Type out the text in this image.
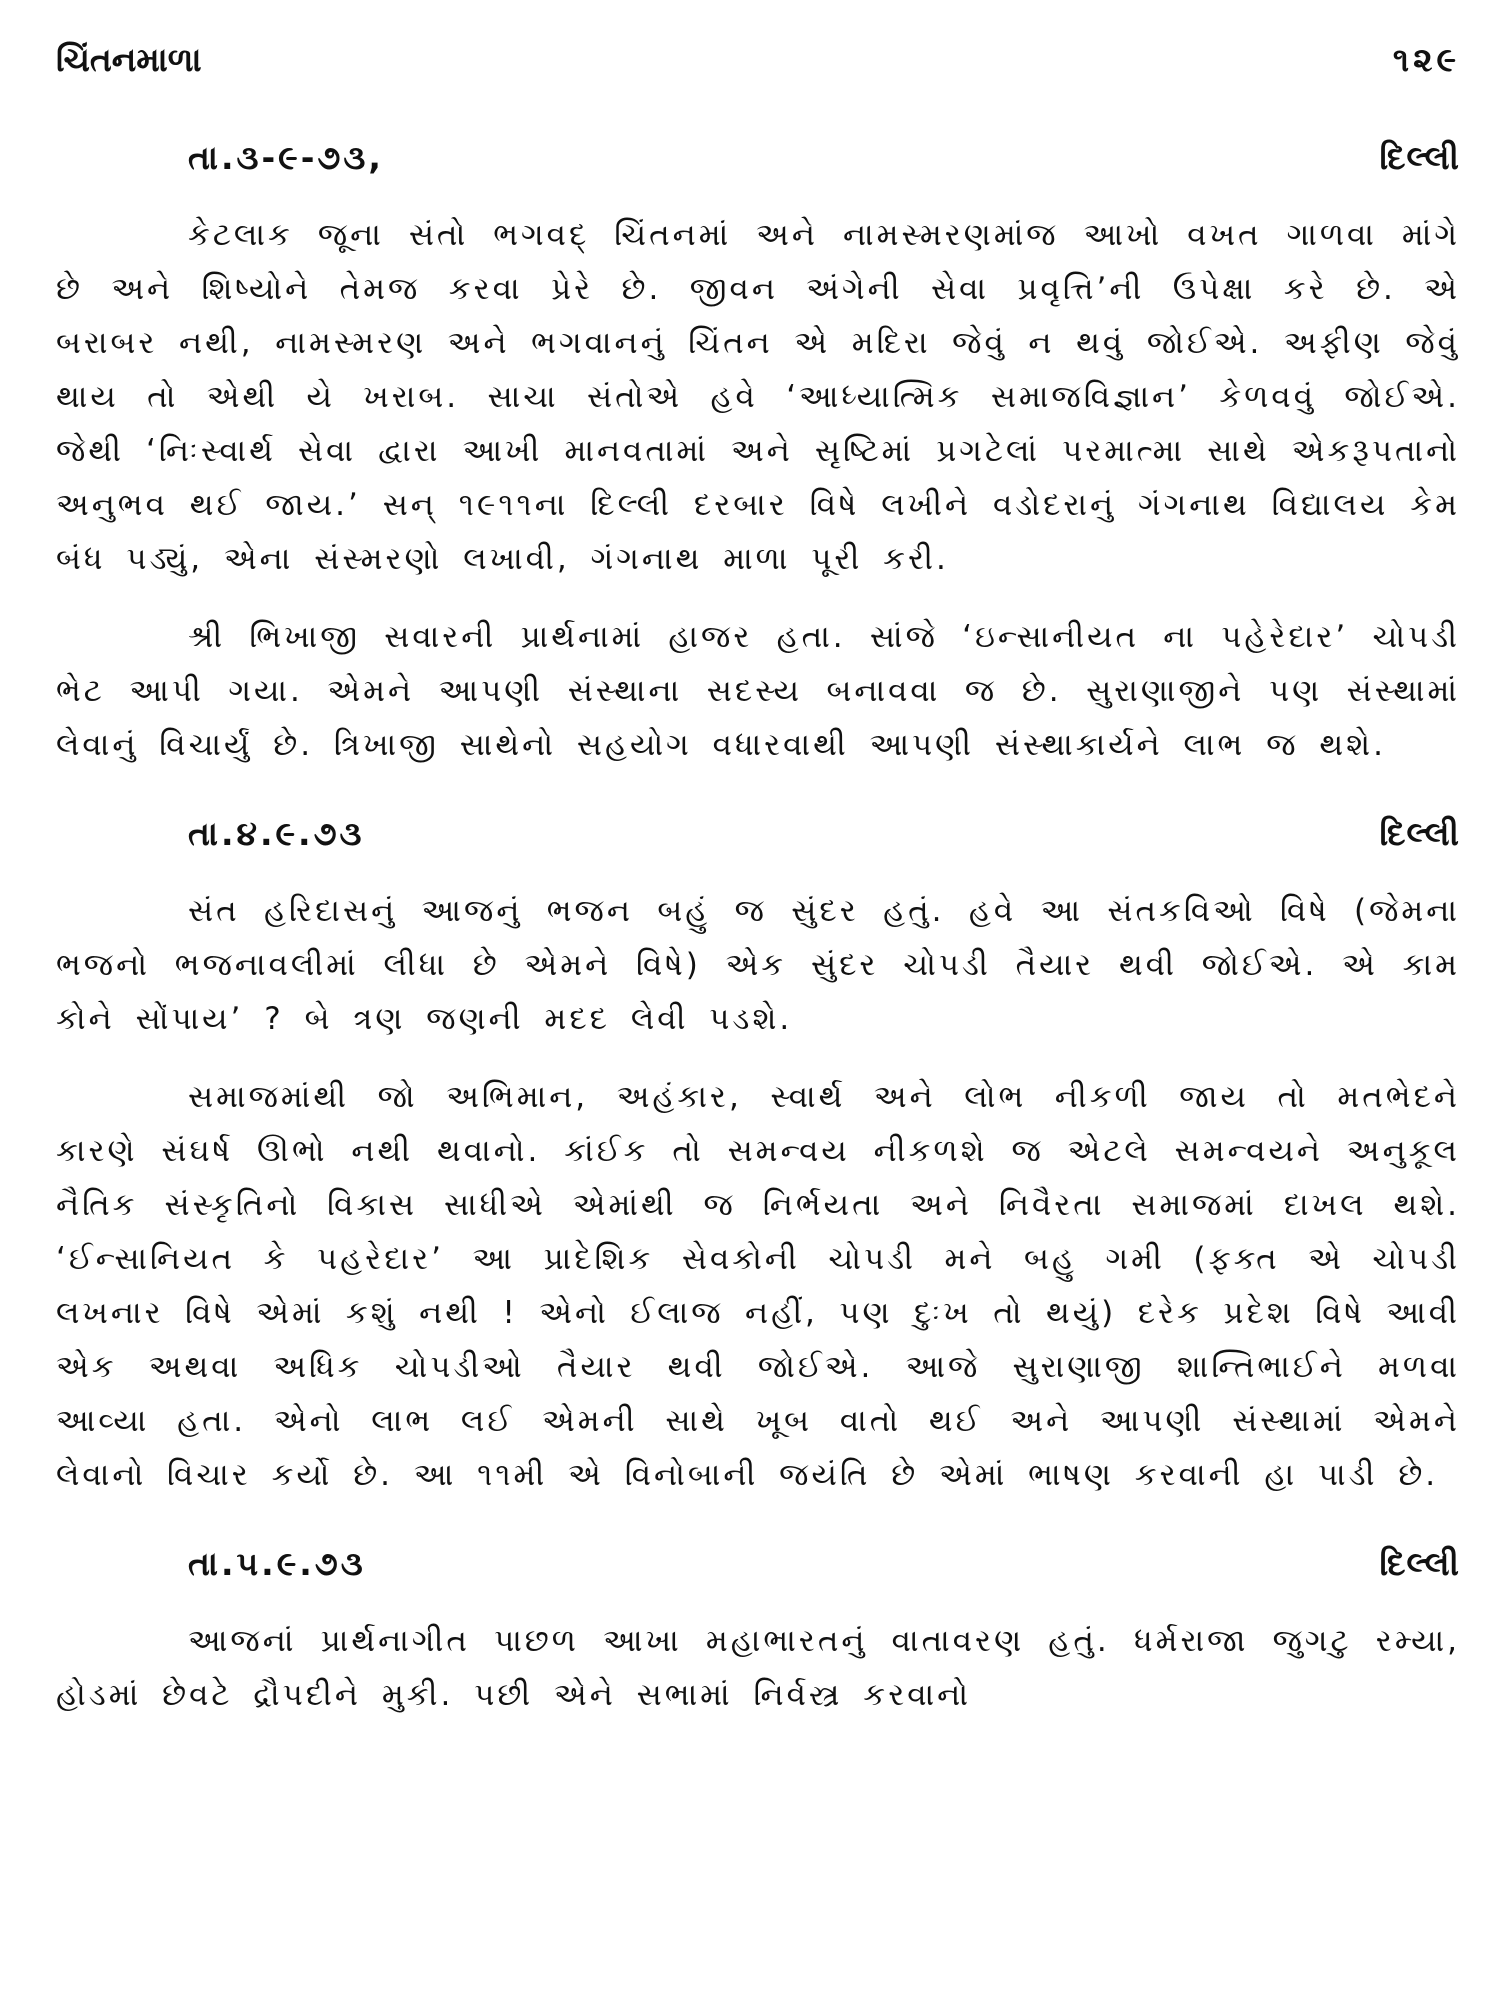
ચિંતનમાળા	૧૨૯
તા.૩-૯-૭૩,	દિલ્લી

કેટલાક જૂના સંતો ભગવદ્ ચિંતનમાં અને નામસ્મરણમાંજ આખો વખત ગાળવા માંગે છે અને શિષ્યોને તેમજ કરવા પ્રેરે છે. જીવન અંગેની સેવા પ્રવૃત્તિ’ની ઉપેક્ષા કરે છે. એ બરાબર નથી, નામસ્મરણ અને ભગવાનનું ચિંતન એ મદિરા જેવું ન થવું જોઈએ. અફીણ જેવું થાય તો એથી યે ખરાબ. સાચા સંતોએ હવે ‘આધ્યાત્મિક સમાજવિજ્ઞાન’ કેળવવું જોઈએ. જેથી ‘નિઃસ્વાર્થ સેવા દ્વારા આખી માનવતામાં અને સૃષ્ટિમાં પ્રગટેલાં પરમાત્મા સાથે એકરૂપતાનો અનુભવ થઈ જાય.’ સન્ ૧૯૧૧ના દિલ્લી દરબાર વિષે લખીને વડોદરાનું ગંગનાથ વિદ્યાલય કેમ બંધ પડ્યું, એના સંસ્મરણો લખાવી, ગંગનાથ માળા પૂરી કરી.

શ્રી ભિખાજી સવારની પ્રાર્થનામાં હાજર હતા. સાંજે ‘ઇન્સાનીયત ના પહેરેદાર’ ચોપડી ભેટ આપી ગયા. એમને આપણી સંસ્થાના સદસ્ય બનાવવા જ છે. સુરાણાજીને પણ સંસ્થામાં લેવાનું વિચાર્યું છે. ત્રિખાજી સાથેનો સહયોગ વધારવાથી આપણી સંસ્થાકાર્યને લાભ જ થશે.

તા.૪.૯.૭૩	દિલ્લી

સંત હરિદાસનું આજનું ભજન બહું જ સુંદર હતું. હવે આ સંતકવિઓ વિષે (જેમના ભજનો ભજનાવલીમાં લીધા છે એમને વિષે) એક સુંદર ચોપડી તૈયાર થવી જોઈએ. એ કામ કોને સોંપાય’ ? બે ત્રણ જણની મદદ લેવી પડશે.

સમાજમાંથી જો અભિમાન, અહંકાર, સ્વાર્થ અને લોભ નીકળી જાય તો મતભેદને કારણે સંઘર્ષ ઊભો નથી થવાનો. કાંઈક તો સમન્વય નીકળશે જ એટલે સમન્વયને અનુકૂલ નૈતિક સંસ્કૃતિનો વિકાસ સાધીએ એમાંથી જ નિર્ભયતા અને નિવૈરતા સમાજમાં દાખલ થશે. ‘ઈન્સાનિયત કે પહરેદાર’ આ પ્રાદેશિક સેવકોની ચોપડી મને બહુ ગમી (ફક્ત એ ચોપડી લખનાર વિષે એમાં કશું નથી ! એનો ઈલાજ નહીં, પણ દુઃખ તો થયું) દરેક પ્રદેશ વિષે આવી એક અથવા અધિક ચોપડીઓ તૈયાર થવી જોઈએ. આજે સુરાણાજી શાન્તિભાઈને મળવા આવ્યા હતા. એનો લાભ લઈ એમની સાથે ખૂબ વાતો થઈ અને આપણી સંસ્થામાં એમને લેવાનો વિચાર કર્યો છે. આ ૧૧મી એ વિનોબાની જયંતિ છે એમાં ભાષણ કરવાની હા પાડી છે.

તા.૫.૯.૭૩	દિલ્લી

આજનાં પ્રાર્થનાગીત પાછળ આખા મહાભારતનું વાતાવરણ હતું. ધર્મરાજા જુગટુ રમ્યા, હોડમાં છેવટે દ્રૌપદીને મુકી. પછી એને સભામાં નિર્વસ્ત્ર કરવાનો
